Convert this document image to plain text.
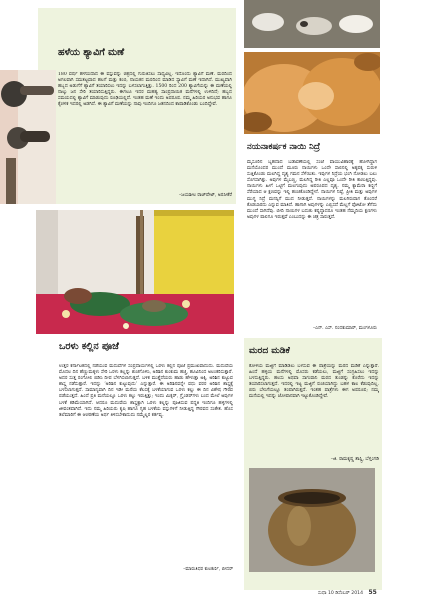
ಹಳೆಯ ಶ್ಯಾವಿಗೆ ಮಣೆ

180 ವರ್ಷ ಹಳೆಯದಾದ ಈ ವಸ್ತುವನ್ನು ಚಿತ್ರದಲ್ಲಿ ಗುರುತಿಸಲು ಸಾಧ್ಯವಿಲ್ಲ. ಇದೊಂದು ಶ್ಯಾವಿಗೆ ಮಣೆ. ಮರದಿಂದ ಅಗಲವಾಗಿ ಸಮತಟ್ಟವಾದ ಹಲಗೆ ಮತ್ತು ಕಂಬಿ, ನಾಯಕನ ಮರದಿಂದ ಮಾಡಿದ ಸ್ಯಾವಿಗೆ ಮಣೆ ಇದಾಗಿದೆ. ಮುಖ್ಯವಾಗಿ ಹಬ್ಬದ ಅಡುಗೆಗೆ ಶ್ಯಾವಿಗೆ ತಯಾರಿಸಲು ಇದನ್ನು ಬಳಸಲಾಗುತ್ತಿತ್ತು. 1500 ರಿಂದ 200 ಶ್ಯಾವಿಗೆಯನ್ನು ಈ ಮಣೆಯಲ್ಲಿ ನಾಲ್ಕು ಜನ ಸೇರಿ ತಯಾರಿಸುತ್ತಿದ್ದರು. ಈಗಲೂ ಇದರ ಮಹತ್ವ ಸಾಂಪ್ರದಾಯಿಕ ಮನೆಗಳಲ್ಲಿ ಉಳಿದಿದೆ; ಹಬ್ಬದ ಸಮಯದಲ್ಲಿ ಶ್ಯಾವಿಗೆ ಮಾಡುವುದು ರೂಢಿಯಲ್ಲಿದೆ. ಇಂತಹ ಮಣೆ ಇಂದು ಅಪರೂಪ. ನಮ್ಮ ಹಿರಿಯರ ಅನುಭವ ಹಾಗೂ ಕೈಚಳಕ ಇದರಲ್ಲಿ ಅಡಗಿದೆ. ಈ ಶ್ಯಾವಿಗೆ ಮಣೆಯನ್ನು ನಾವು ಇಂದಿಗೂ ಜತನದಿಂದ ಕಾಪಾಡಿಕೊಂಡು ಬಂದಿದ್ದೇವೆ.

–ಜಯಶೀಲ ರಾಜ್‌ಪೇಟ್, ಅರಸೀಕೆರೆ
ನಯನಾಕರ್ಷಕ ನಾಯಿ ನಿದ್ರೆ

ಮೈಸೂರಿನ ಬೃಹದಾದ ಬಡಾವಣೆಯಲ್ಲಿ ಸಂಜೆ ವಾಯುವಿಹಾರಕ್ಕೆ ಹೋಗಿದ್ದಾಗ ಮನೆಯೊಂದರ ಮುಂದೆ ಮೂರು ನಾಯಿಗಳು ಒಂದೇ ಸಾಲಿನಲ್ಲಿ ಅಕ್ಕಪಕ್ಕ ಸುರುಳಿ ಸುತ್ತಿಕೊಂಡು ಮಲಗಿದ್ದ ದೃಶ್ಯ ಗಮನ ಸೆಳೆಯಿತು. ಇವುಗಳ ನಿದ್ರೆಯ ಭಂಗಿ ನೋಡಲು ಬಲು ಸೊಗಸಾಗಿತ್ತು. ಅವುಗಳ ಮೈಬಣ್ಣ, ಮಲಗಿದ್ದ ರೀತಿ ಎಲ್ಲವೂ ಒಂದೇ ರೀತಿ ಕಾಣುತ್ತಿದ್ದವು. ನಾಯಿಗಳು ಹೀಗೆ ಒಟ್ಟಿಗೆ ಮಲಗುವುದು ಅಪರೂಪದ ದೃಶ್ಯ. ನಮ್ಮ ಕ್ಯಾಮೆರಾ ಕಣ್ಣಿಗೆ ಸೆರೆಯಾದ ಆ ಕ್ಷಣವನ್ನು ಇಲ್ಲಿ ಹಂಚಿಕೊಂಡಿದ್ದೇನೆ. ನಾಯಿಗಳ ನಿಷ್ಠೆ, ಪ್ರೀತಿ ಮತ್ತು ಅವುಗಳ ಮುಗ್ಧ ನಿದ್ರೆ ಮನಸ್ಸಿಗೆ ಮುದ ನೀಡುತ್ತದೆ. ನಾಯಿಗಳನ್ನು ಮಲಗಿರುವಾಗ ತೊಂದರೆ ಕೊಡಬಾರದು ಎನ್ನುವ ಮಾತಿದೆ. ಹಾಗಾಗಿ ಅವುಗಳನ್ನು ಎಬ್ಬಿಸದೆ ಮೆಲ್ಲಗೆ ಫೋಟೋ ತೆಗೆದು ಮುಂದೆ ಸಾಗಿದೆವು. ಬೀದಿ ನಾಯಿಗಳ ಬದುಕು ಕಷ್ಟದ್ದಾದರೂ ಇಂತಹ ನೆಮ್ಮದಿಯ ಕ್ಷಣಗಳು ಅವುಗಳ ಪಾಲಿಗೂ ಇರುತ್ತವೆ ಎಂಬುದನ್ನು ಈ ಚಿತ್ರ ಸಾರುತ್ತದೆ.

–ಎನ್. ಎಸ್. ನಂದಕುಮಾರ್, ಮಂಗಳೂರು
ಒರಳು ಕಲ್ಲಿನ ಪೂಜೆ

ಉತ್ತರ ಕರ್ನಾಟಕದಲ್ಲಿ ನಡೆಯುವ ಮದುವೆಗಳ ಸಂಪ್ರದಾಯಗಳಲ್ಲಿ ಒರಳು ಕಲ್ಲಿನ ಪೂಜೆ ಪ್ರಮುಖವಾದುದು. ಮದುವೆಯ ಮೊದಲ ದಿನ ಹೆಣ್ಣುಮಕ್ಕಳು ಸೇರಿ ಒರಳು ಕಲ್ಲನ್ನು ಶುಚಿಗೊಳಿಸಿ, ಅರಿಶಿನ ಕುಂಕುಮ ಹಚ್ಚಿ, ಹೂವಿನಿಂದ ಅಲಂಕರಿಸುತ್ತಾರೆ. ಅದರ ಸುತ್ತ ರಂಗೋಲಿ ಬಿಡಿಸಿ ದೀಪ ಬೆಳಗಿಸಲಾಗುತ್ತದೆ. ಬಳಿಕ ಮುತ್ತೈದೆಯರು ಹಾಡು ಹೇಳುತ್ತಾ ಅಕ್ಕಿ, ಅರಿಶಿನ ಕುಟ್ಟುವ ಶಾಸ್ತ್ರ ನಡೆಸುತ್ತಾರೆ. ಇದನ್ನು ‘ಅರಿಶಿನ ಕುಟ್ಟುವುದು’ ಎನ್ನುತ್ತಾರೆ. ಈ ಅರಿಶಿನವನ್ನೇ ವಧು ವರರ ಅರಿಶಿನ ಶಾಸ್ತ್ರಕ್ಕೆ ಬಳಸಲಾಗುತ್ತದೆ. ಸಾಮಾನ್ಯವಾಗಿ ದಿನ ಇಡೀ ಮನೆಯ ಕೆಲಸಕ್ಕೆ ಬಳಕೆಯಾಗುವ ಒರಳು ಕಲ್ಲು ಈ ದಿನ ವಿಶೇಷ ಗೌರವ ಪಡೆಯುತ್ತದೆ. ಹಿಂದೆ ಪ್ರತಿ ಮನೆಯಲ್ಲೂ ಒರಳು ಕಲ್ಲು ಇರುತ್ತಿತ್ತು; ಇಂದು ಮಿಕ್ಸರ್, ಗ್ರೈಂಡರ್‌ಗಳು ಬಂದ ಮೇಲೆ ಅವುಗಳ ಬಳಕೆ ಕಡಿಮೆಯಾಗಿದೆ. ಆದರೂ ಮದುವೆಯ ಶಾಸ್ತ್ರಕ್ಕಾಗಿ ಒರಳು ಕಲ್ಲನ್ನು ಪೂಜಿಸುವ ಪದ್ಧತಿ ಇಂದಿಗೂ ಹಳ್ಳಿಗಳಲ್ಲಿ ಜೀವಂತವಾಗಿದೆ. ಇದು ನಮ್ಮ ಹಿರಿಯರು ಕೃಷಿ ಹಾಗೂ ಗೃಹ ಬಳಕೆಯ ವಸ್ತುಗಳಿಗೆ ನೀಡುತ್ತಿದ್ದ ಗೌರವದ ಸಂಕೇತ. ಹೊಸ ತಲೆಮಾರಿಗೆ ಈ ಆಚರಣೆಯ ಅರ್ಥ ತಿಳಿಸಬೇಕಾದುದು ನಮ್ಮೆಲ್ಲರ ಕರ್ತವ್ಯ.

–ಮಾರುತಿಧರ ಕುಲಕರ್ಣಿ, ಬೀದರ್
ಮರದ ಮಡಿಕೆ

ಕೋಳಿಯ ಮಜ್ಜಿಗೆ ಮಾಡಿಡಲು ಬಳಸುವ ಈ ಪಾತ್ರೆಯನ್ನು ಮರದ ಮಡಿಕೆ ಎನ್ನುತ್ತಾರೆ. ಹಿಂದೆ ಹಳ್ಳಿಯ ಮನೆಗಳಲ್ಲಿ ಮೊಸರು ಕಡೆಯಲು, ಮಜ್ಜಿಗೆ ಸಂಗ್ರಹಿಸಲು ಇದನ್ನು ಬಳಸುತ್ತಿದ್ದರು. ಹಲಸು ಅಥವಾ ಸಾಗುವಾನಿ ಮರದ ತುಂಡನ್ನು ಕೊರೆದು ಇದನ್ನು ತಯಾರಿಸಲಾಗುತ್ತದೆ. ಇದರಲ್ಲಿ ಇಟ್ಟ ಮಜ್ಜಿಗೆ ರುಚಿಯಾಗಿದ್ದು ಬಹಳ ಕಾಲ ಕೆಡುವುದಿಲ್ಲ. ಬಿರು ಬೇಸಿಗೆಯಲ್ಲೂ ತಂಪಾಗಿರುತ್ತದೆ. ಇಂತಹ ಪಾತ್ರೆಗಳು ಈಗ ಅಪರೂಪ; ನಮ್ಮ ಮನೆಯಲ್ಲಿ ಇದನ್ನು ಜೋಪಾನವಾಗಿ ಇಟ್ಟುಕೊಂಡಿದ್ದೇವೆ.

–ಜಿ. ರಾಮಕೃಷ್ಣ ಶಾಸ್ತ್ರಿ, ಬೆಳ್ತಂಗಡಿ
ಸುಧಾ 10 ಡಿಸೆಂಬರ್ 2014 55
